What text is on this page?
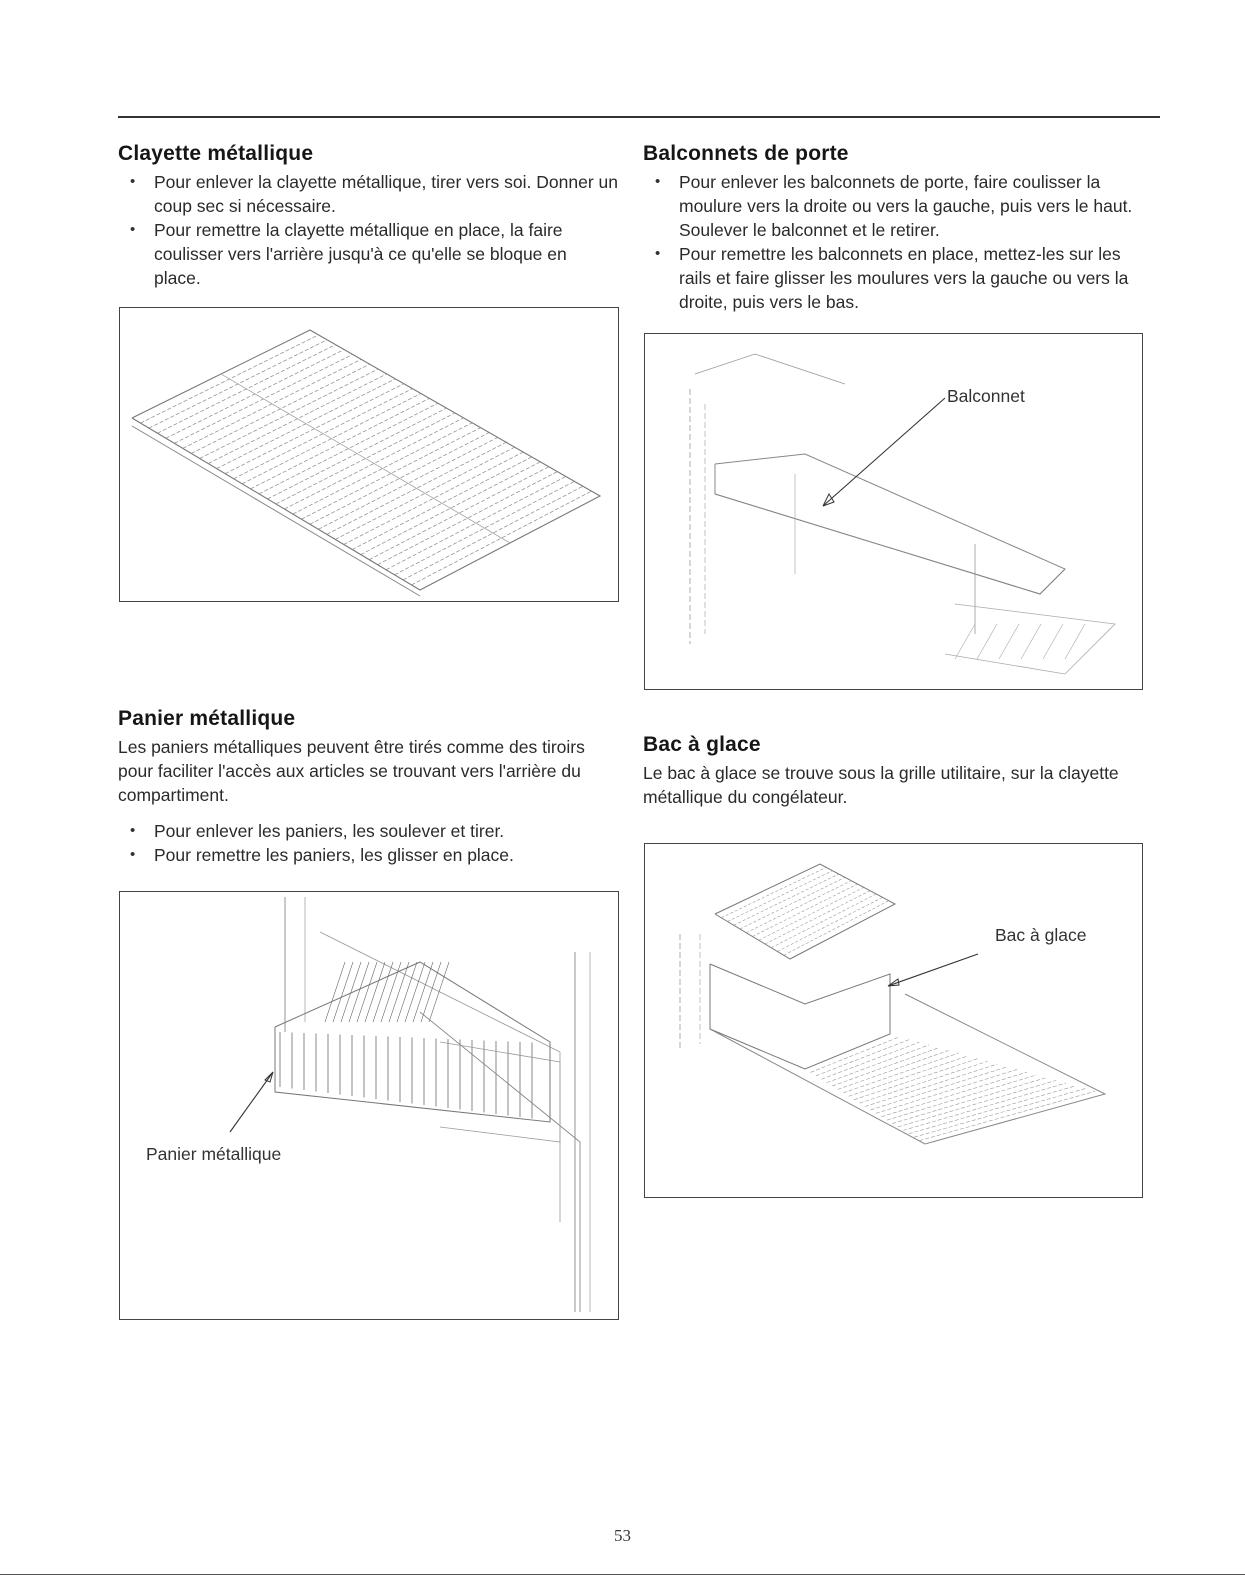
Clayette métallique
• Pour enlever la clayette métallique, tirer vers soi. Donner un coup sec si nécessaire.
• Pour remettre la clayette métallique en place, la faire coulisser vers l'arrière jusqu'à ce qu'elle se bloque en place.
Balconnets de porte
• Pour enlever les balconnets de porte, faire coulisser la moulure vers la droite ou vers la gauche, puis vers le haut. Soulever le balconnet et le retirer.
• Pour remettre les balconnets en place, mettez-les sur les rails et faire glisser les moulures vers la gauche ou vers la droite, puis vers le bas.
Balconnet
Panier métallique

Les paniers métalliques peuvent être tirés comme des tiroirs pour faciliter l'accès aux articles se trouvant vers l'arrière du compartiment.

• Pour enlever les paniers, les soulever et tirer.
• Pour remettre les paniers, les glisser en place.
Panier métallique
Bac à glace

Le bac à glace se trouve sous la grille utilitaire, sur la clayette métallique du congélateur.

Bac à glace
53
